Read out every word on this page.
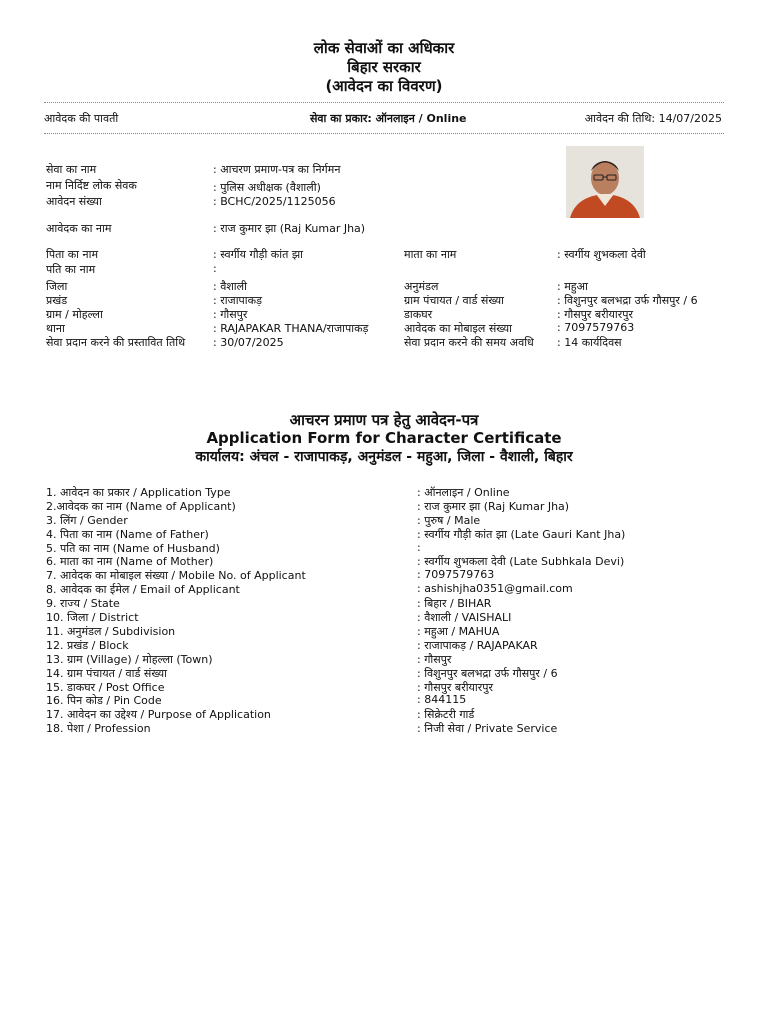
लोक सेवाओं का अधिकार
बिहार सरकार
(आवेदन का विवरण)
आवेदक की पावती	सेवा का प्रकार: ऑनलाइन / Online	आवेदन की तिथि: 14/07/2025
सेवा का नाम	: आचरण प्रमाण-पत्र का निर्गमन
नाम निर्दिष्ट लोक सेवक	: पुलिस अधीक्षक (वैशाली)
आवेदन संख्या	: BCHC/2025/1125056
आवेदक का नाम	: राज कुमार झा (Raj Kumar Jha)
पिता का नाम	: स्वर्गीय गौड़ी कांत झा
पति का नाम	:
जिला	: वैशाली
प्रखंड	: राजापाकड़
ग्राम / मोहल्ला	: गौसपुर
थाना	: RAJAPAKAR THANA/राजापाकड़
सेवा प्रदान करने की प्रस्तावित तिथि	: 30/07/2025
माता का नाम	: स्वर्गीय शुभकला देवी
अनुमंडल	: महुआ
ग्राम पंचायत / वार्ड संख्या	: विशुनपुर बलभद्रा उर्फ गौसपुर / 6
डाकघर	: गौसपुर बरीयारपुर
आवेदक का मोबाइल संख्या	: 7097579763
सेवा प्रदान करने की समय अवधि : 14 कार्यदिवस
आचरन प्रमाण पत्र हेतु आवेदन-पत्र
Application Form for Character Certificate
कार्यालय: अंचल - राजापाकड़, अनुमंडल - महुआ, जिला - वैशाली, बिहार
1. आवेदन का प्रकार / Application Type	: ऑनलाइन / Online
2.आवेदक का नाम (Name of Applicant)	: राज कुमार झा (Raj Kumar Jha)
3. लिंग / Gender	: पुरुष / Male
4. पिता का नाम (Name of Father)	: स्वर्गीय गौड़ी कांत झा (Late Gauri Kant Jha)
5. पति का नाम (Name of Husband)	:
6. माता का नाम (Name of Mother)	: स्वर्गीय शुभकला देवी (Late Subhkala Devi)
7. आवेदक का मोबाइल संख्या / Mobile No. of Applicant	: 7097579763
8. आवेदक का ईमेल / Email of Applicant	: ashishjha0351@gmail.com
9. राज्य / State	: बिहार / BIHAR
10. जिला / District	: वैशाली / VAISHALI
11. अनुमंडल / Subdivision	: महुआ / MAHUA
12. प्रखंड / Block	: राजापाकड़ / RAJAPAKAR
13. ग्राम (Village) / मोहल्ला (Town)	: गौसपुर
14. ग्राम पंचायत / वार्ड संख्या	: विशुनपुर बलभद्रा उर्फ गौसपुर / 6
15. डाकघर / Post Office	: गौसपुर बरीयारपुर
16. पिन कोड / Pin Code	: 844115
17. आवेदन का उद्देश्य / Purpose of Application	: सिक्रेटरी गार्ड
18. पेशा / Profession	: निजी सेवा / Private Service
